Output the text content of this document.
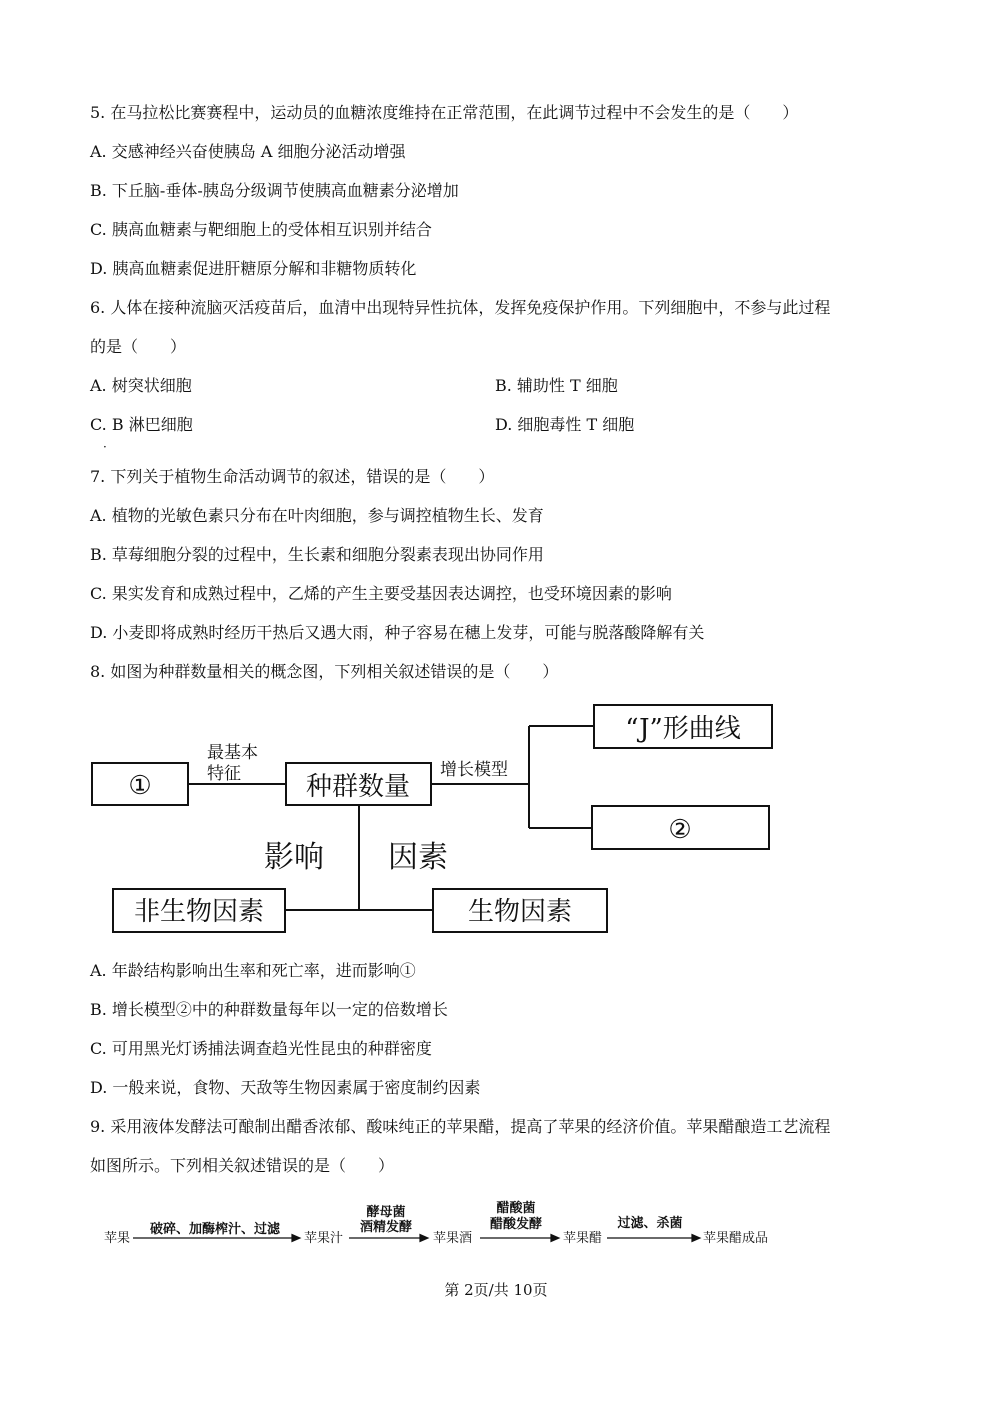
5. 在马拉松比赛赛程中，运动员的血糖浓度维持在正常范围，在此调节过程中不会发生的是（　　）
A. 交感神经兴奋使胰岛 A 细胞分泌活动增强
B. 下丘脑-垂体-胰岛分级调节使胰高血糖素分泌增加
C. 胰高血糖素与靶细胞上的受体相互识别并结合
D. 胰高血糖素促进肝糖原分解和非糖物质转化
6. 人体在接种流脑灭活疫苗后，血清中出现特异性抗体，发挥免疫保护作用。下列细胞中，不参与此过程
的是（　　）
A. 树突状细胞	B. 辅助性 T 细胞
C. B 淋巴细胞	D. 细胞毒性 T 细胞
·
7. 下列关于植物生命活动调节的叙述，错误的是（　　）
A. 植物的光敏色素只分布在叶肉细胞，参与调控植物生长、发育
B. 草莓细胞分裂的过程中，生长素和细胞分裂素表现出协同作用
C. 果实发育和成熟过程中，乙烯的产生主要受基因表达调控，也受环境因素的影响
D. 小麦即将成熟时经历干热后又遇大雨，种子容易在穗上发芽，可能与脱落酸降解有关
8. 如图为种群数量相关的概念图，下列相关叙述错误的是（　　）
①
最基本
特征 种群数量
增长模型
“J”形曲线
②
影响 因素
非生物因素	生物因素
苹果
破碎、加酶榨汁、过滤
苹果汁
酵母菌
酒精发酵
苹果酒
醋酸菌
醋酸发酵
苹果醋
过滤、杀菌
苹果醋成品
A. 年龄结构影响出生率和死亡率，进而影响①
9. 采用液体发酵法可酿制出醋香浓郁、酸味纯正的苹果醋，提高了苹果的经济价值。苹果醋酿造工艺流程
如图所示。下列相关叙述错误的是（　　）
第 2页/共 10页
B. 增长模型②中的种群数量每年以一定的倍数增长
C. 可用黑光灯诱捕法调查趋光性昆虫的种群密度
D. 一般来说，食物、天敌等生物因素属于密度制约因素
